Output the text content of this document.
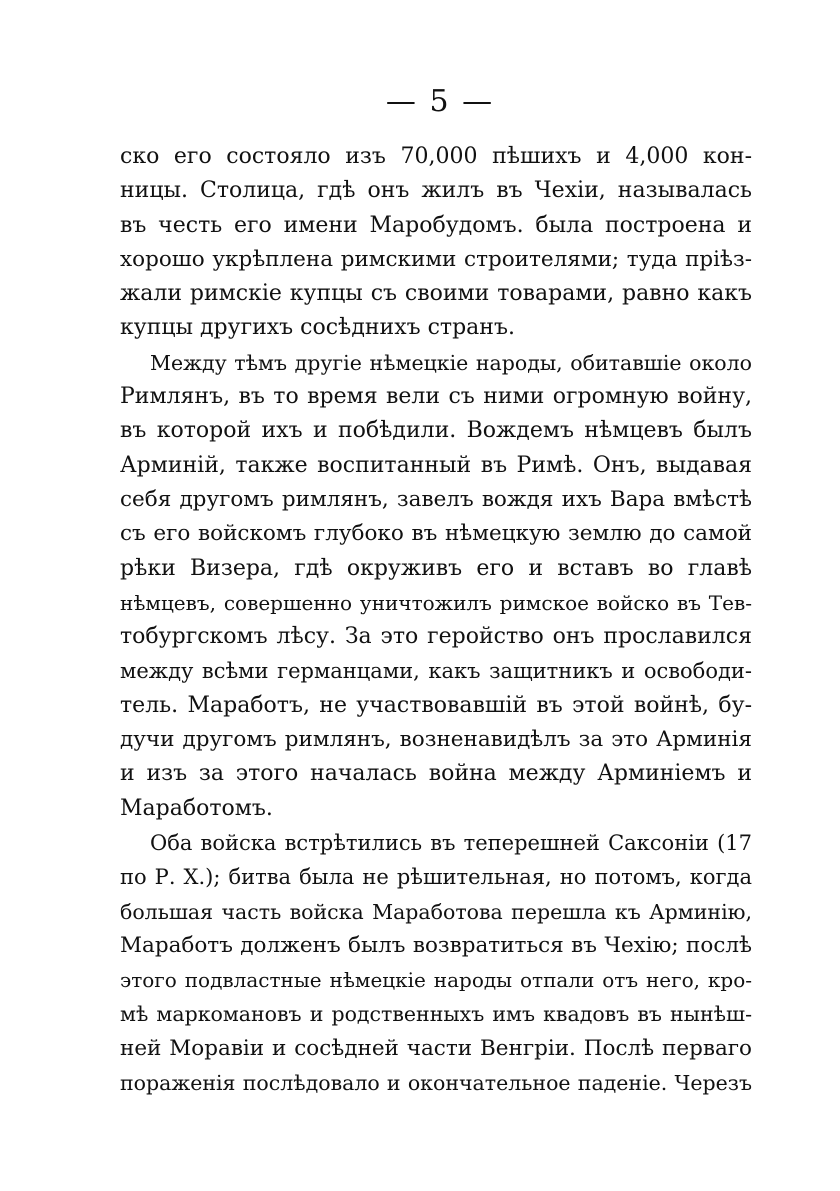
— 5 —
ско его состояло изъ 70,000 пѣшихъ и 4,000 кон-
ницы. Столица, гдѣ онъ жилъ въ Чехіи, называлась
въ честь его имени Маробудомъ. была построена и
хорошо укрѣплена римскими строителями; туда пріѣз-
жали римскіе купцы съ своими товарами, равно какъ
купцы другихъ сосѣднихъ странъ.
Между тѣмъ другіе нѣмецкіе народы, обитавшіе около
Римлянъ, въ то время вели съ ними огромную войну,
въ которой ихъ и побѣдили. Вождемъ нѣмцевъ былъ
Арминій, также воспитанный въ Римѣ. Онъ, выдавая
себя другомъ римлянъ, завелъ вождя ихъ Вара вмѣстѣ
съ его войскомъ глубоко въ нѣмецкую землю до самой
рѣки Визера, гдѣ окруживъ его и вставъ во главѣ
нѣмцевъ, совершенно уничтожилъ римское войско въ Тев-
тобургскомъ лѣсу. За это геройство онъ прославился
между всѣми германцами, какъ защитникъ и освободи-
тель. Марaботъ, не участвовавшій въ этой войнѣ, бу-
дучи другомъ римлянъ, возненавидѣлъ за это Арминія
и изъ за этого началась война между Арминіемъ и
Маработомъ.
Оба войска встрѣтились въ теперешней Саксоніи (17
по Р. Х.); битва была не рѣшительная, но потомъ, когда
большая часть войска Маработова перешла къ Арминію,
Маработъ долженъ былъ возвратиться въ Чехію; послѣ
этого подвластные нѣмецкіе народы отпали отъ него, кро-
мѣ маркомановъ и родственныхъ имъ квадовъ въ нынѣш-
ней Моравіи и сосѣдней части Венгріи. Послѣ перваго
пораженія послѣдовало и окончательное паденіе. Черезъ
